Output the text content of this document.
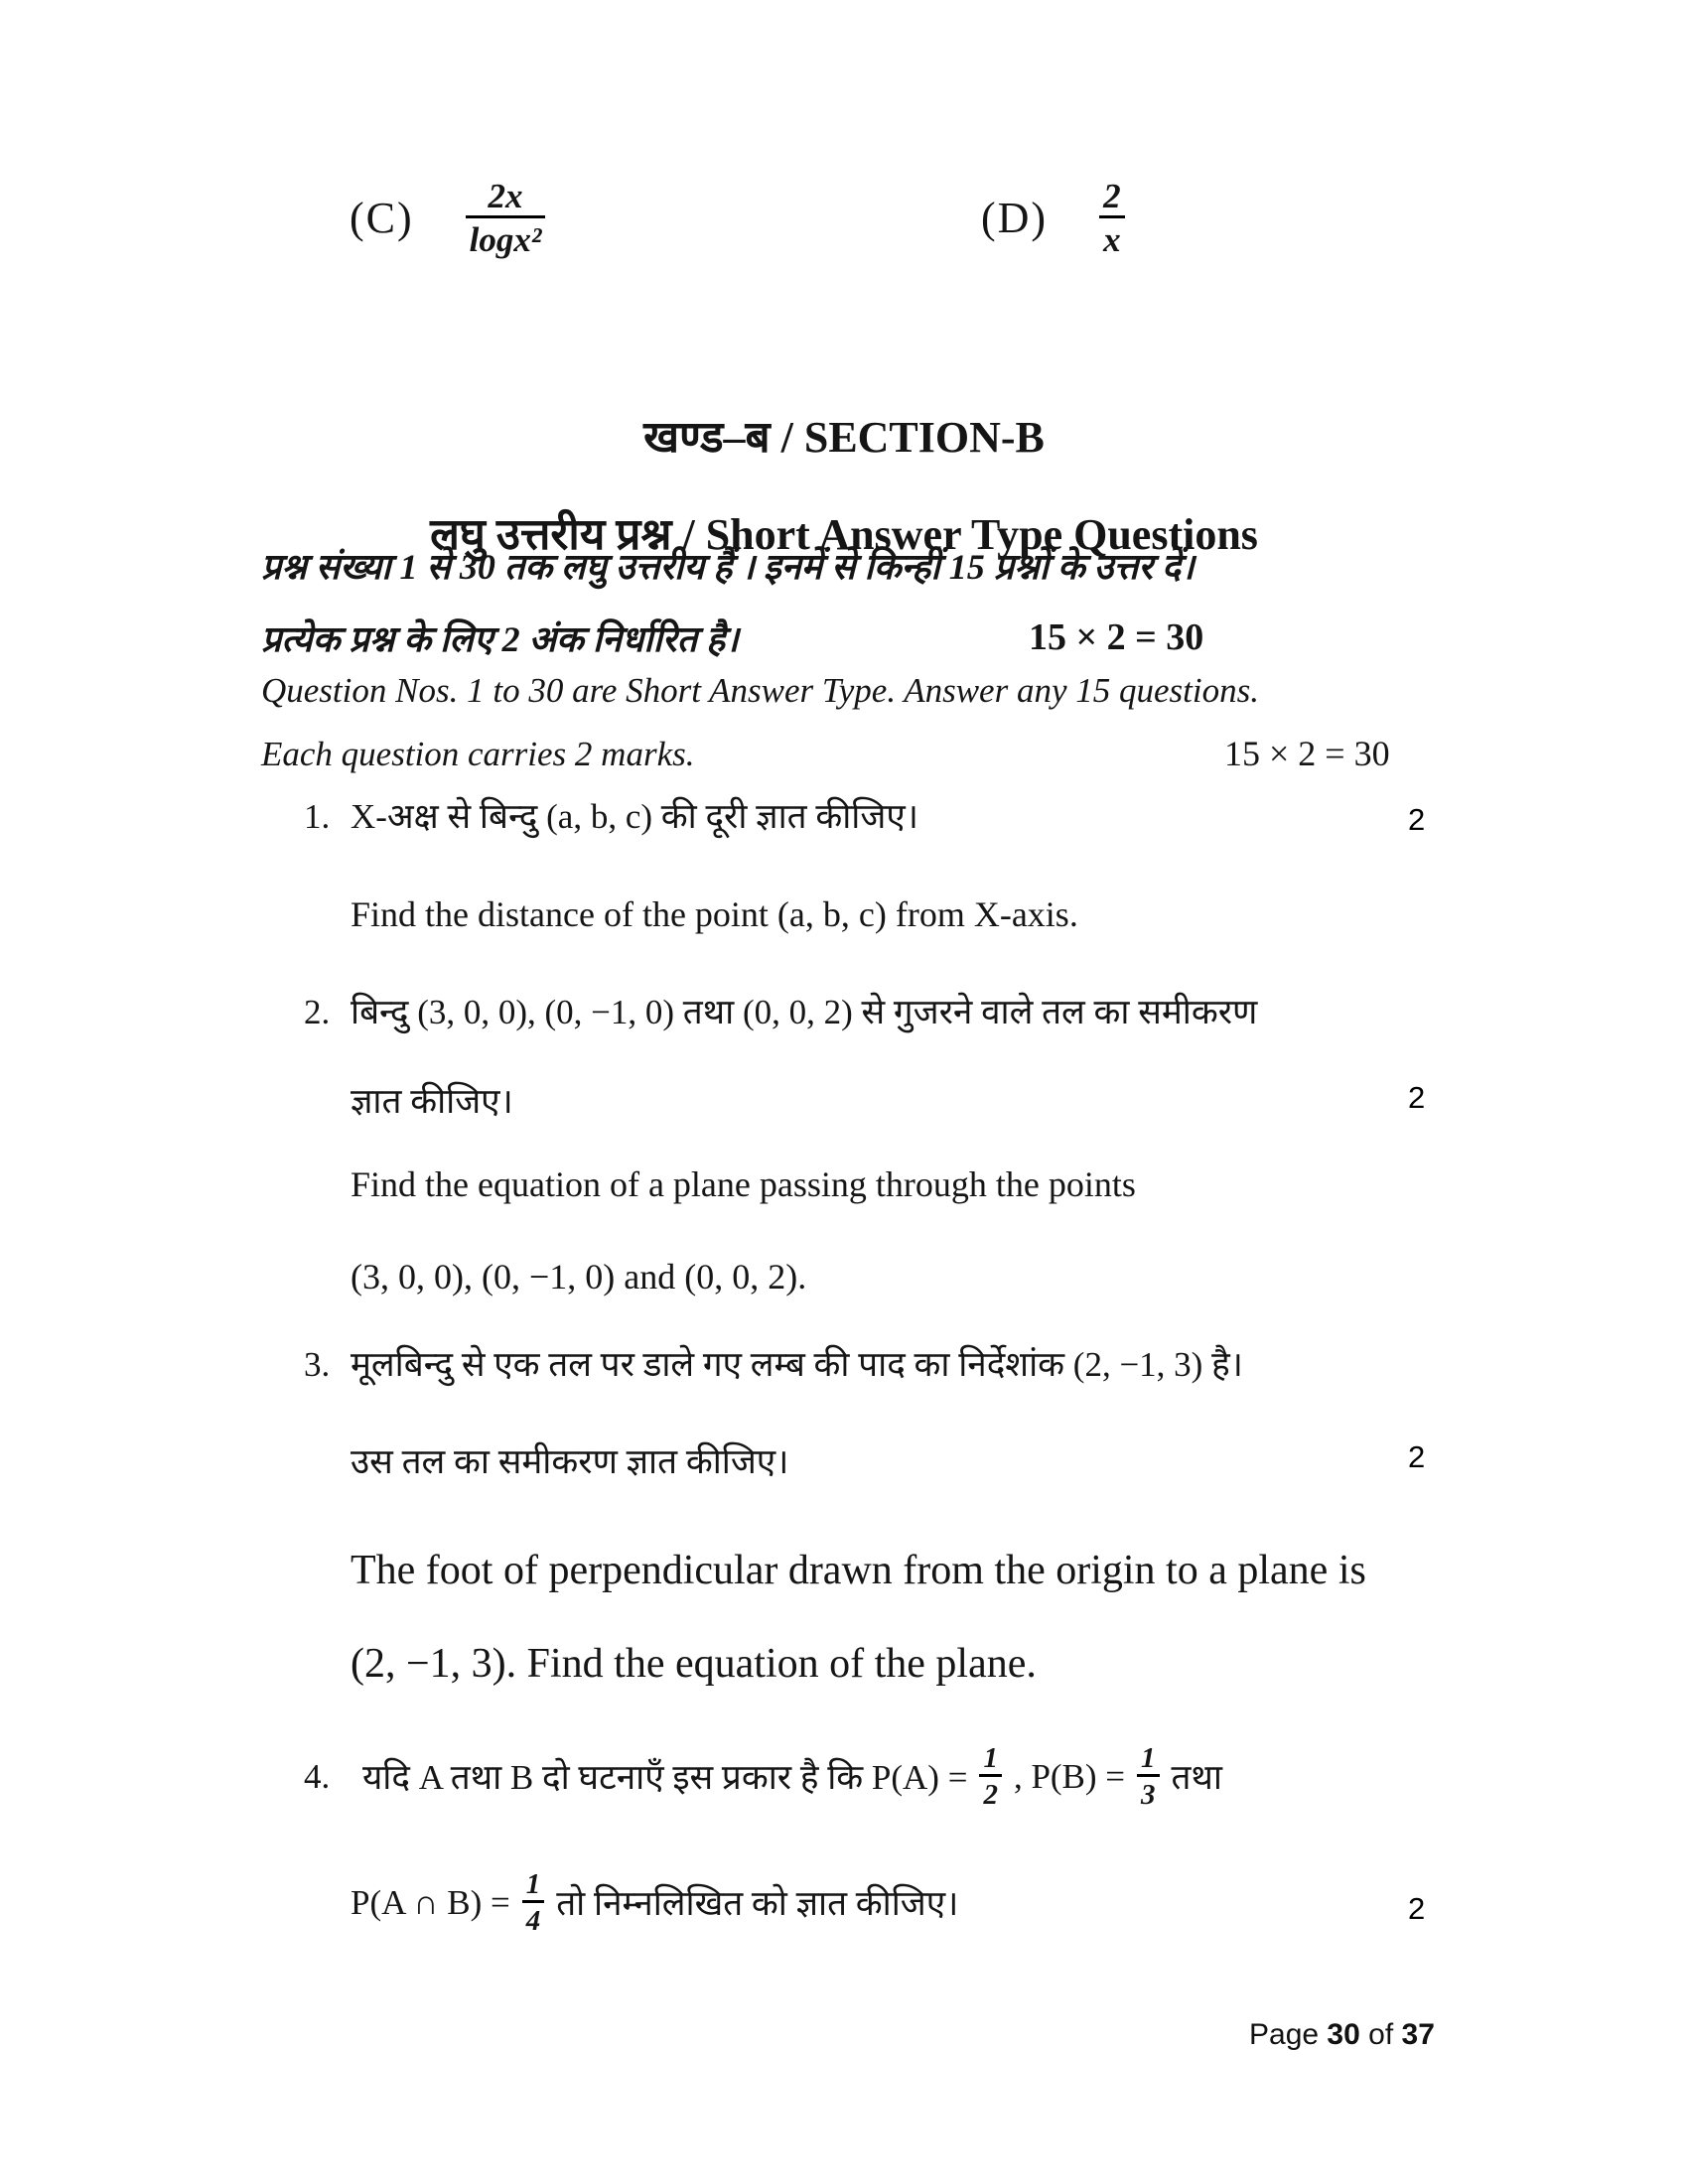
$(C) \frac{2x}{\text{logx²}}$	$(D) \frac{2}{x}$
खण्ड–ब / SECTION-B
लघु उत्तरीय प्रश्न / Short Answer Type Questions
प्रश्न संख्या 1 से 30 तक लघु उत्तरीय हैं । इनमें से किन्हीं 15 प्रश्नों के उत्तर दें।
प्रत्येक प्रश्न के लिए 2 अंक निर्धारित है।	15 × 2 = 30
Question Nos. 1 to 30 are Short Answer Type. Answer any 15 questions.
Each question carries 2 marks.	15 × 2 = 30
1. X-अक्ष से बिन्दु (a, b, c) की दूरी ज्ञात कीजिए।	2
Find the distance of the point (a, b, c) from X-axis.
2. बिन्दु (3, 0, 0), (0, −1, 0) तथा (0, 0, 2) से गुजरने वाले तल का समीकरण
ज्ञात कीजिए।	2
Find the equation of a plane passing through the points
(3, 0, 0), (0, −1, 0) and (0, 0, 2).
3. मूलबिन्दु से एक तल पर डाले गए लम्ब की पाद का निर्देशांक (2, −1, 3) है।
उस तल का समीकरण ज्ञात कीजिए।	2
The foot of perpendicular drawn from the origin to a plane is
(2, −1, 3). Find the equation of the plane.
4. यदि A तथा B दो घटनाएँ इस प्रकार है कि $P(A) = \frac{1}{2}$ , $P(B) = \frac{1}{3}$ तथा
P(A ∩ $B) = \frac{1}{4}$ तो निम्नलिखित को ज्ञात कीजिए।	2
Page 30 of 37
